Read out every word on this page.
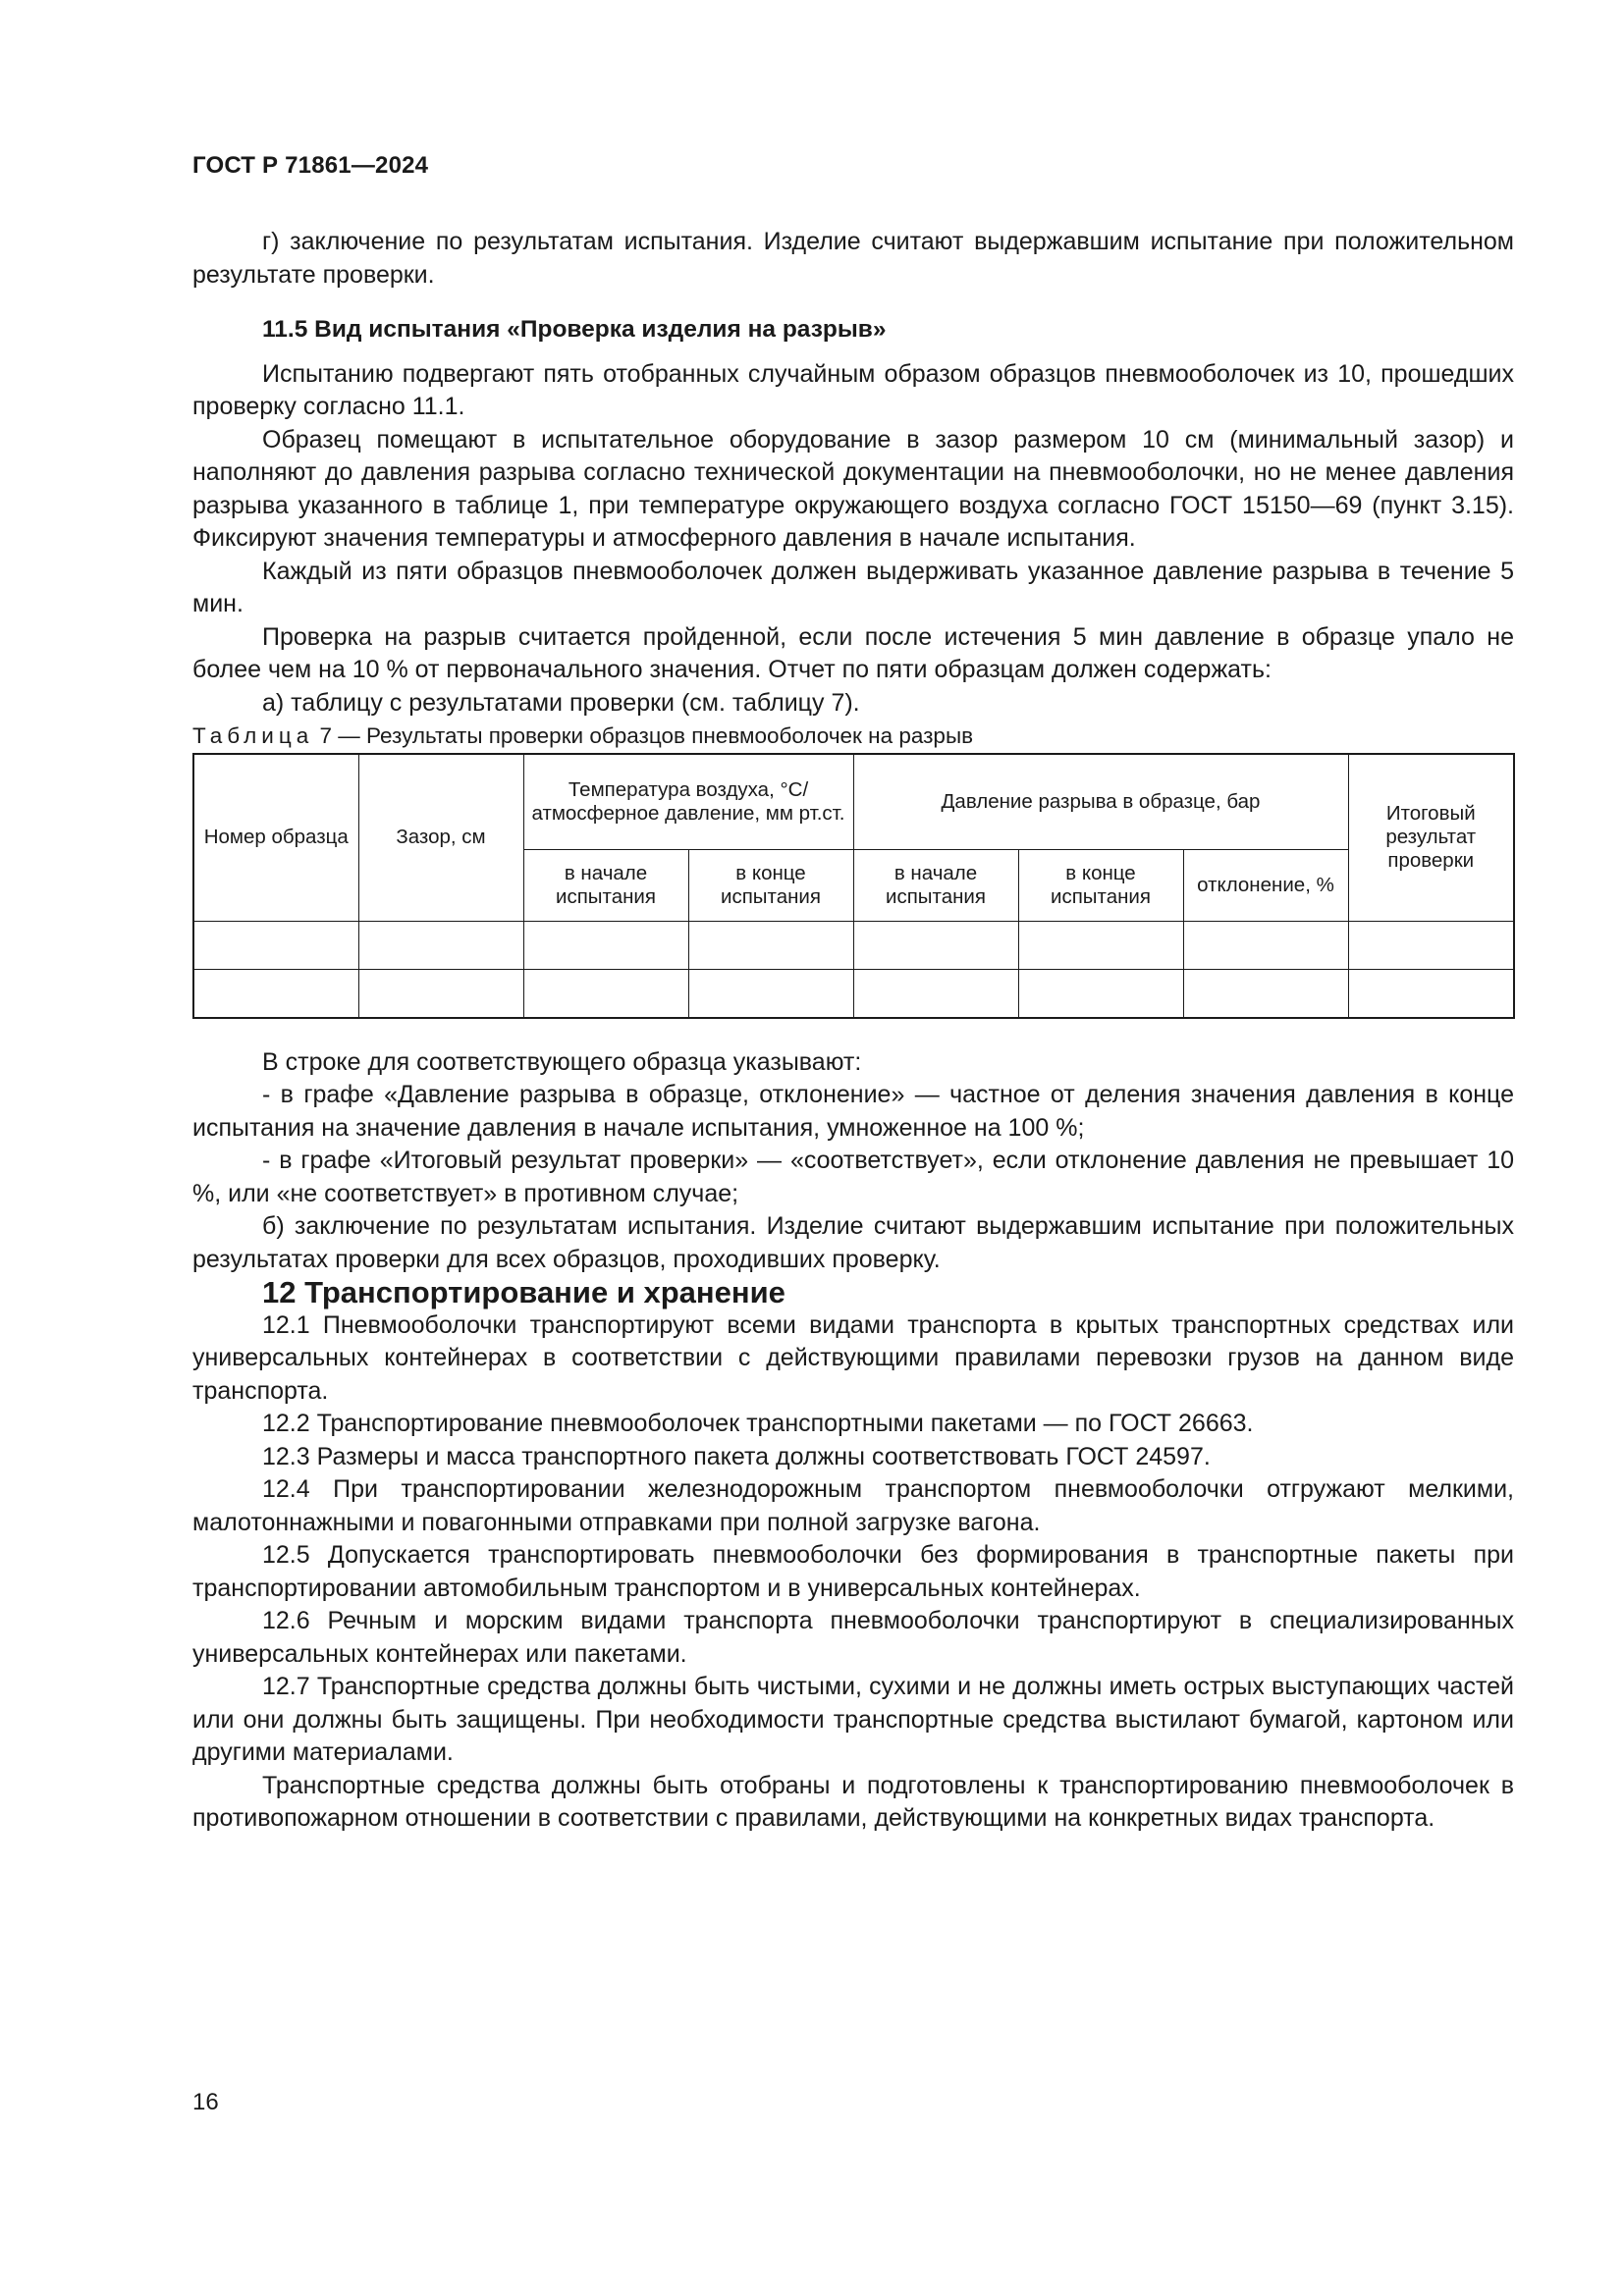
ГОСТ Р 71861—2024

г) заключение по результатам испытания. Изделие считают выдержавшим испытание при положительном результате проверки.

11.5 Вид испытания «Проверка изделия на разрыв»

Испытанию подвергают пять отобранных случайным образом образцов пневмооболочек из 10, прошедших проверку согласно 11.1.

Образец помещают в испытательное оборудование в зазор размером 10 см (минимальный зазор) и наполняют до давления разрыва согласно технической документации на пневмооболочки, но не менее давления разрыва указанного в таблице 1, при температуре окружающего воздуха согласно ГОСТ 15150—69 (пункт 3.15). Фиксируют значения температуры и атмосферного давления в начале испытания.

Каждый из пяти образцов пневмооболочек должен выдерживать указанное давление разрыва в течение 5 мин.

Проверка на разрыв считается пройденной, если после истечения 5 мин давление в образце упало не более чем на 10 % от первоначального значения. Отчет по пяти образцам должен содержать:

а) таблицу с результатами проверки (см. таблицу 7).

Таблица 7 — Результаты проверки образцов пневмооболочек на разрыв

Номер образца	Зазор, см	Температура воздуха, °С/атмосферное давление, мм рт.ст.		Давление разрыва в образце, бар			Итоговый результат проверки
		в начале испытания	в конце испытания	в начале испытания	в конце испытания	отклонение, %	

В строке для соответствующего образца указывают:

- в графе «Давление разрыва в образце, отклонение» — частное от деления значения давления в конце испытания на значение давления в начале испытания, умноженное на 100 %;

- в графе «Итоговый результат проверки» — «соответствует», если отклонение давления не превышает 10 %, или «не соответствует» в противном случае;

б) заключение по результатам испытания. Изделие считают выдержавшим испытание при положительных результатах проверки для всех образцов, проходивших проверку.

12 Транспортирование и хранение

12.1 Пневмооболочки транспортируют всеми видами транспорта в крытых транспортных средствах или универсальных контейнерах в соответствии с действующими правилами перевозки грузов на данном виде транспорта.

12.2 Транспортирование пневмооболочек транспортными пакетами — по ГОСТ 26663.

12.3 Размеры и масса транспортного пакета должны соответствовать ГОСТ 24597.

12.4 При транспортировании железнодорожным транспортом пневмооболочки отгружают мелкими, малотоннажными и повагонными отправками при полной загрузке вагона.

12.5 Допускается транспортировать пневмооболочки без формирования в транспортные пакеты при транспортировании автомобильным транспортом и в универсальных контейнерах.

12.6 Речным и морским видами транспорта пневмооболочки транспортируют в специализированных универсальных контейнерах или пакетами.

12.7 Транспортные средства должны быть чистыми, сухими и не должны иметь острых выступающих частей или они должны быть защищены. При необходимости транспортные средства выстилают бумагой, картоном или другими материалами.

Транспортные средства должны быть отобраны и подготовлены к транспортированию пневмооболочек в противопожарном отношении в соответствии с правилами, действующими на конкретных видах транспорта.

16
